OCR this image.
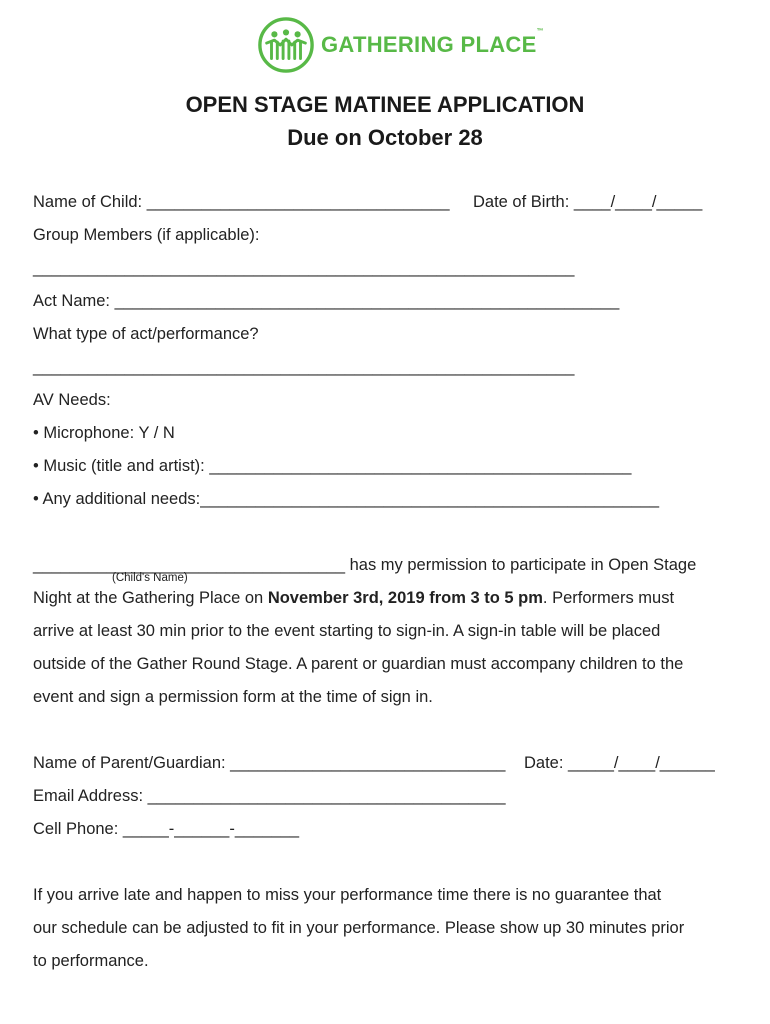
GATHERING PLACE™
OPEN STAGE MATINEE APPLICATION
Due on October 28
Name of Child: _________________________________ Date of Birth: ____/____/_____
Group Members (if applicable):
___________________________________________________________
Act Name: _______________________________________________________
What type of act/performance?
___________________________________________________________
AV Needs:
• Microphone: Y / N
• Music (title and artist): ______________________________________________
• Any additional needs:__________________________________________________
__________________________________ has my permission to participate in Open Stage
(Child's Name)
Night at the Gathering Place on November 3rd, 2019 from 3 to 5 pm. Performers must
arrive at least 30 min prior to the event starting to sign-in. A sign-in table will be placed
outside of the Gather Round Stage. A parent or guardian must accompany children to the
event and sign a permission form at the time of sign in.
Name of Parent/Guardian: ______________________________ Date: _____/____/______
Email Address: _______________________________________
Cell Phone: _____-______-_______
If you arrive late and happen to miss your performance time there is no guarantee that
our schedule can be adjusted to fit in your performance. Please show up 30 minutes prior
to performance.
